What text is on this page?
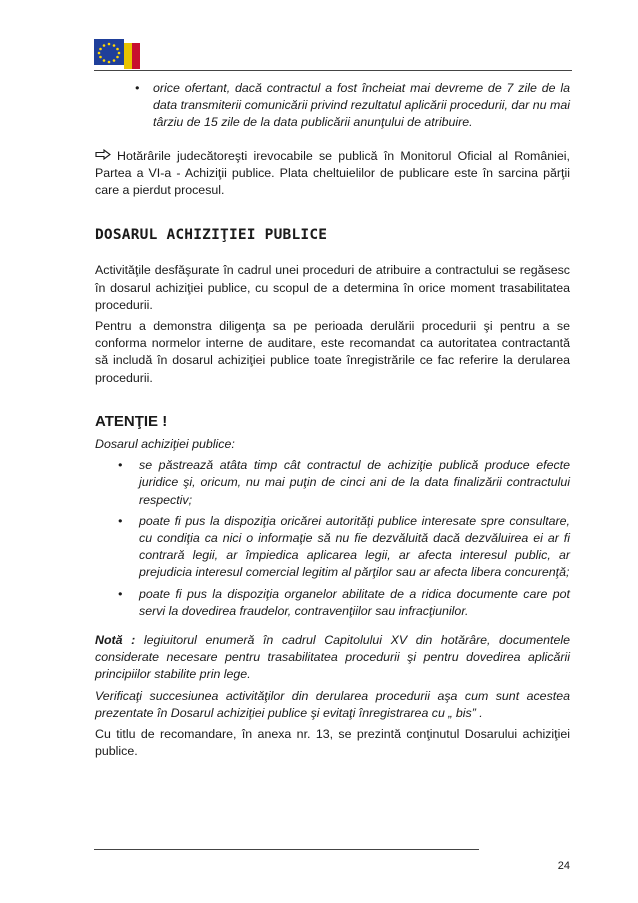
• orice ofertant, dacă contractul a fost încheiat mai devreme de 7 zile de la data transmiterii comunicării privind rezultatul aplicării procedurii, dar nu mai târziu de 15 zile de la data publicării anunţului de atribuire.

Hotărârile judecătoreşti irevocabile se publică în Monitorul Oficial al României, Partea a VI-a - Achiziţii publice. Plata cheltuielilor de publicare este în sarcina părţii care a pierdut procesul.

DOSARUL ACHIZIŢIEI PUBLICE

Activităţile desfăşurate în cadrul unei proceduri de atribuire a contractului se regăsesc în dosarul achiziţiei publice, cu scopul de a determina în orice moment trasabilitatea procedurii.

Pentru a demonstra diligenţa sa pe perioada derulării procedurii şi pentru a se conforma normelor interne de auditare, este recomandat ca autoritatea contractantă să includă în dosarul achiziţiei publice toate înregistrările ce fac referire la derularea procedurii.

ATENŢIE !

Dosarul achiziţiei publice:

• se păstrează atâta timp cât contractul de achiziţie publică produce efecte juridice şi, oricum, nu mai puţin de cinci ani de la data finalizării contractului respectiv;
• poate fi pus la dispoziţia oricărei autorităţi publice interesate spre consultare, cu condiţia ca nici o informaţie să nu fie dezvăluită dacă dezvăluirea ei ar fi contrară legii, ar împiedica aplicarea legii, ar afecta interesul public, ar prejudicia interesul comercial legitim al părţilor sau ar afecta libera concurenţă;
• poate fi pus la dispoziţia organelor abilitate de a ridica documente care pot servi la dovedirea fraudelor, contravenţiilor sau infracţiunilor.

Notă : legiuitorul enumeră în cadrul Capitolului XV din hotărâre, documentele considerate necesare pentru trasabilitatea procedurii şi pentru dovedirea aplicării principiilor stabilite prin lege.

Verificaţi succesiunea activităţilor din derularea procedurii aşa cum sunt acestea prezentate în Dosarul achiziţiei publice şi evitaţi înregistrarea cu „ bis” .

Cu titlu de recomandare, în anexa nr. 13, se prezintă conţinutul Dosarului achiziţiei publice.

24
